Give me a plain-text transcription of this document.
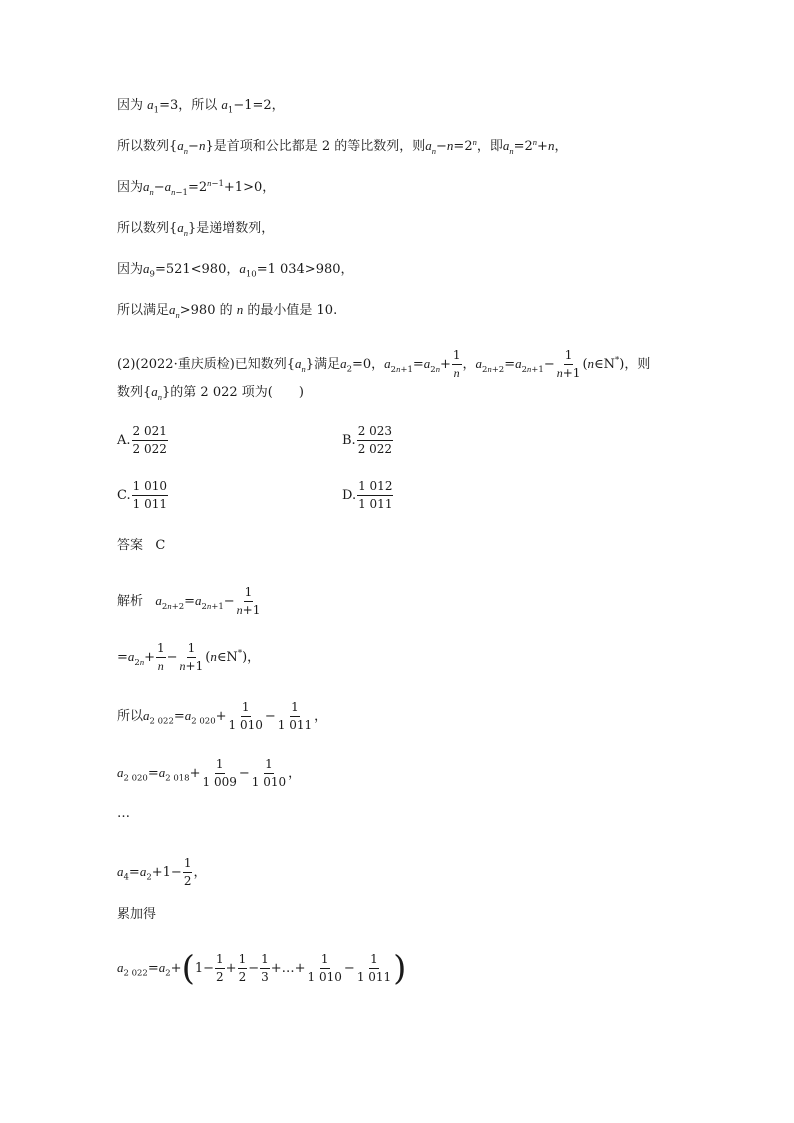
因为 $a_1=3$，所以 $a_1-1=2$，
所以数列$\{a_n-n\}$是首项和公比都是 2 的等比数列，则$a_n-n=2^n$，即$a_n=2^n+n$，
因为$a_n-a_{n-1}=2^{n-1}+1>0$，
所以数列$\{a_n\}$是递增数列，
因为$a_9=521<980$，$a_{10}=1$ 034>980，
所以满足$a_n>980$ 的 n 的最小值是 10.
(2)(2022·重庆质检)已知数列$\{a_n\}$满足$a_2=0$，$a_{2n+1}=a_{2n}+ \frac{1}{n}$ ，$a_{2n+2}=a_{2n+1}- \frac{1}{n+1}$ (n∈N*)，则
数列$\{a_n\}$的第 2 022 项为(　　)
A. $\frac{2 021}{2 022}$	B. $\frac{2 023}{2 022}$
C. $\frac{1 010}{1 011}$	D. $\frac{1 012}{1 011}$
答案 C
解析 $a_{2n+2}=a_{2n+1}- \frac{1}{n+1}$
$=a_{2n}+ \frac{1}{n} - \frac{1}{n+1}$ (n∈N*)，
所以$a_{2 022}=a_{2 020}+ \frac{1}{1 010} - \frac{1}{1 011}$ ，
$a_{2 020}=a_{2 018}+ \frac{1}{1 009} - \frac{1}{1 010}$ ，
…
$a_4=a_2+1- \frac{1}{2}$ ，
累加得
$a_{2 022}=a_2+(1- \frac{1}{2} + \frac{1}{2} - \frac{1}{3}$ +…+ $\frac{1}{1 010} - \frac{1}{1 011}$ )
